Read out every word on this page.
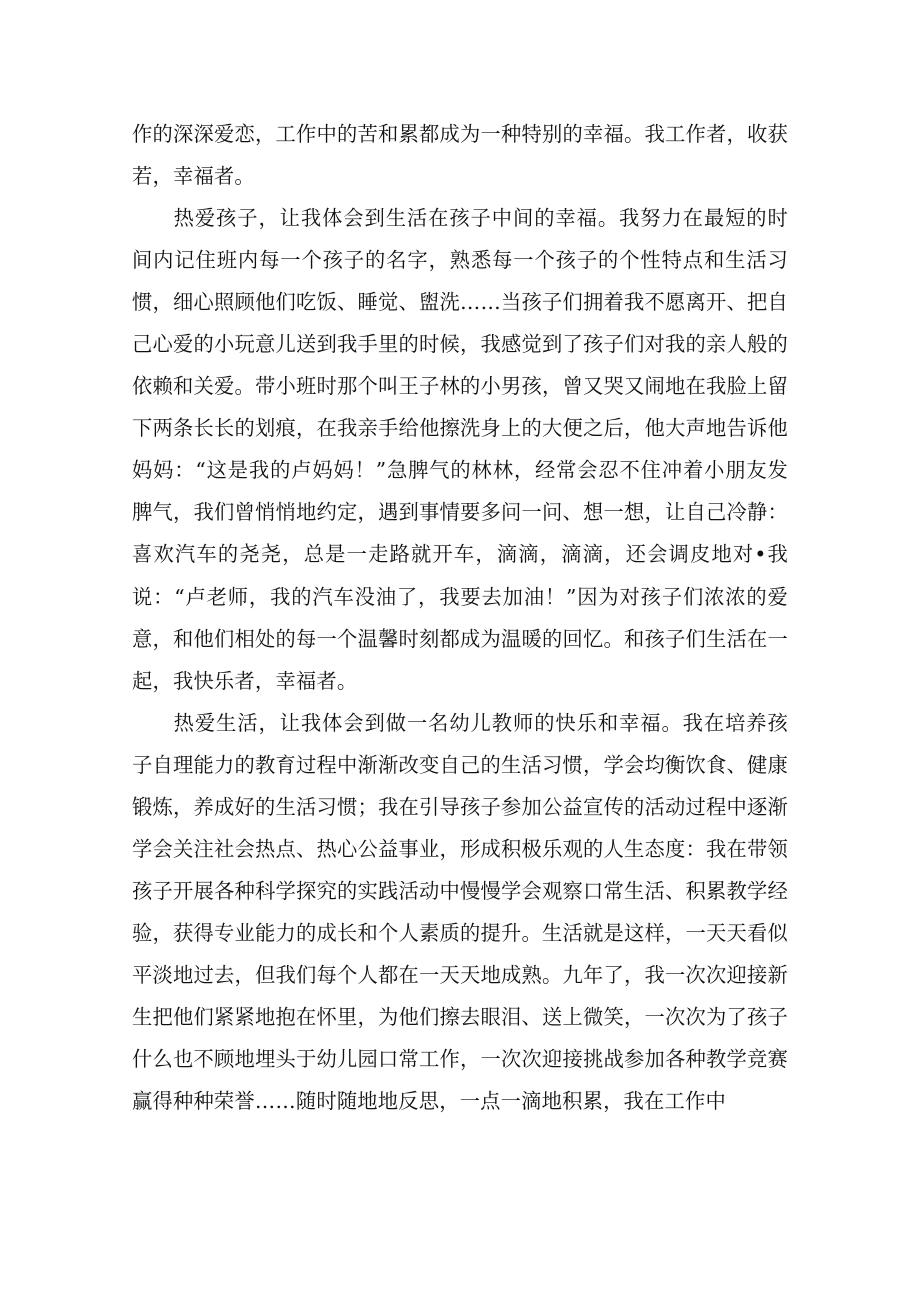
作的深深爱恋，工作中的苦和累都成为一种特别的幸福。我工作者，收获若，幸福者。

热爱孩子，让我体会到生活在孩子中间的幸福。我努力在最短的时间内记住班内每一个孩子的名字，熟悉每一个孩子的个性特点和生活习惯，细心照顾他们吃饭、睡觉、盥洗……当孩子们拥着我不愿离开、把自己心爱的小玩意儿送到我手里的时候，我感觉到了孩子们对我的亲人般的依赖和关爱。带小班时那个叫王子林的小男孩，曾又哭又闹地在我脸上留下两条长长的划痕，在我亲手给他擦洗身上的大便之后，他大声地告诉他妈妈：“这是我的卢妈妈！”急脾气的林林，经常会忍不住冲着小朋友发脾气，我们曾悄悄地约定，遇到事情要多问一问、想一想，让自己冷静：喜欢汽车的尧尧，总是一走路就开车，滴滴，滴滴，还会调皮地对•我说：“卢老师，我的汽车没油了，我要去加油！”因为对孩子们浓浓的爱意，和他们相处的每一个温馨时刻都成为温暖的回忆。和孩子们生活在一起，我快乐者，幸福者。

热爱生活，让我体会到做一名幼儿教师的快乐和幸福。我在培养孩子自理能力的教育过程中渐渐改变自己的生活习惯，学会均衡饮食、健康锻炼，养成好的生活习惯；我在引导孩子参加公益宣传的活动过程中逐渐学会关注社会热点、热心公益事业，形成积极乐观的人生态度：我在带领孩子开展各种科学探究的实践活动中慢慢学会观察口常生活、积累教学经验，获得专业能力的成长和个人素质的提升。生活就是这样，一天天看似平淡地过去，但我们每个人都在一天天地成熟。九年了，我一次次迎接新生把他们紧紧地抱在怀里，为他们擦去眼泪、送上微笑，一次次为了孩子什么也不顾地埋头于幼儿园口常工作，一次次迎接挑战参加各种教学竞赛赢得种种荣誉……随时随地地反思，一点一滴地积累，我在工作中
